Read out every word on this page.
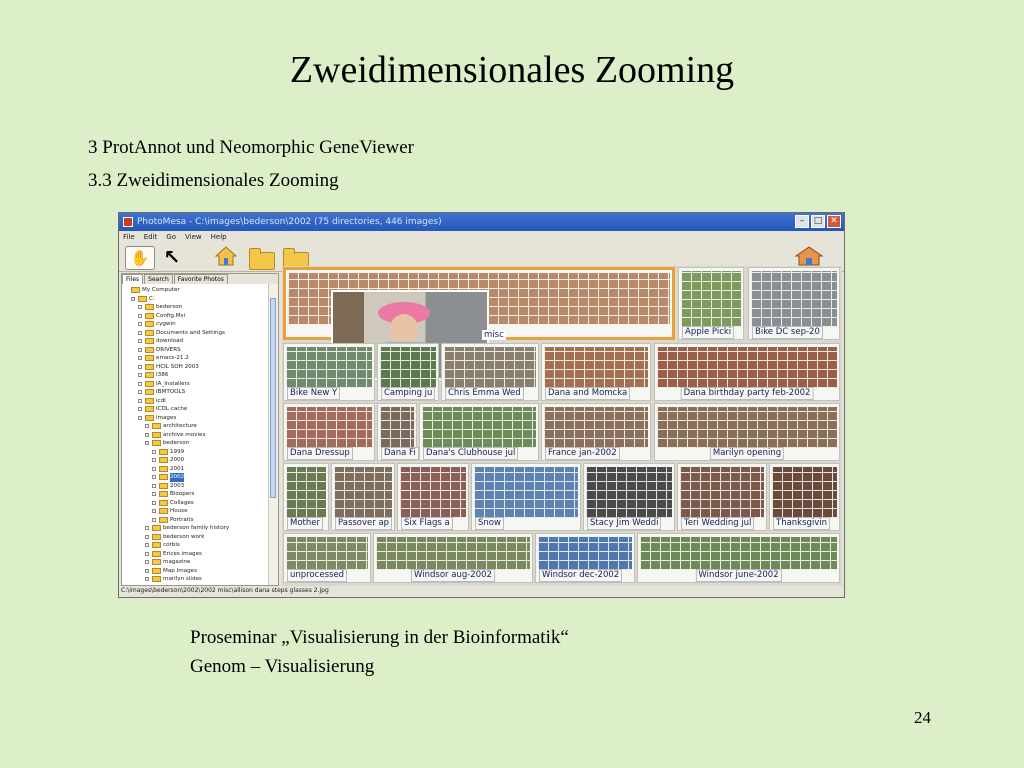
Zweidimensionales Zooming
3 ProtAnnot und Neomorphic GeneViewer
3.3 Zweidimensionales Zooming
Proseminar „Visualisierung in der Bioinformatik“
Genom – Visualisierung
24
PhotoMesa - C:\images\bederson\2002 (75 directories, 446 images)	–	□ ✕
File Edit Go View Help
✋ ↖
Files	Search	Favorite Photos
My Computer
C:
bederson
Config.Msi
cygwin
Documents and Settings
download
DRIVERS
emacs-21.2
HCIL SOH 2003
I386
IA_Installers
IBMTOOLS
icdl
ICDL cache
images
architecture
archive movies
bederson
1999
2000
2001
2002
2003
Bloopers
Collages
House
Portraits
bederson family history
bederson work
corbis
Erices images
magazine
Map Images
marilyn slides
misc	Apple Picki	Bike DC sep-20
Bike New Y	Camping ju	Chris Emma Wed	Dana and Momcka	Dana birthday party feb-2002
Dana Dressup	Dana Fi	Dana's Clubhouse jul	France jan-2002	Marilyn opening
Mother	Passover ap	Six Flags a	Snow	Stacy Jim Weddi	Teri Wedding jul	Thanksgivin
unprocessed	Windsor aug-2002	Windsor dec-2002	Windsor june-2002
C:\images\bederson\2002\2002 misc\allison dana steps glasses 2.jpg
